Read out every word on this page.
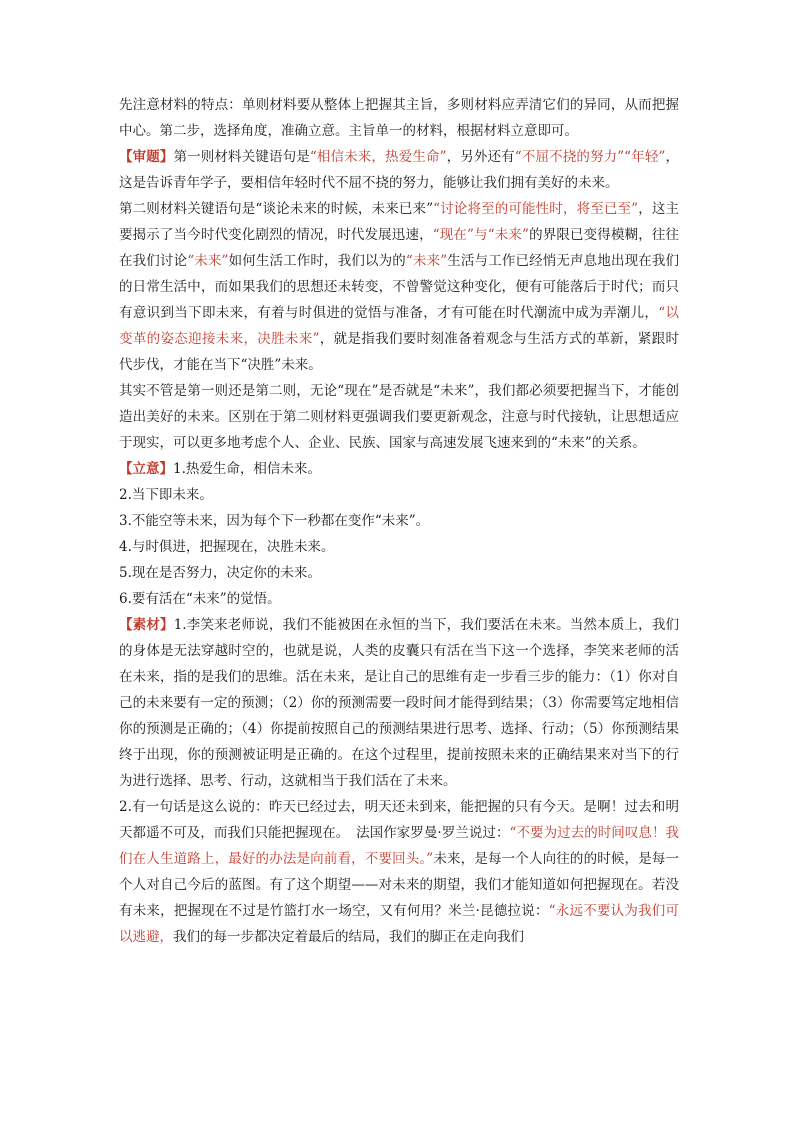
先注意材料的特点：单则材料要从整体上把握其主旨，多则材料应弄清它们的异同，从而把握中心。第二步，选择角度，准确立意。主旨单一的材料，根据材料立意即可。

【审题】第一则材料关键语句是“相信未来，热爱生命”，另外还有“不屈不挠的努力”“年轻”，这是告诉青年学子，要相信年轻时代不屈不挠的努力，能够让我们拥有美好的未来。

第二则材料关键语句是“谈论未来的时候，未来已来”“讨论将至的可能性时，将至已至”，这主要揭示了当今时代变化剧烈的情况，时代发展迅速，“现在”与“未来”的界限已变得模糊，往往在我们讨论“未来”如何生活工作时，我们以为的“未来”生活与工作已经悄无声息地出现在我们的日常生活中，而如果我们的思想还未转变，不曾警觉这种变化，便有可能落后于时代；而只有意识到当下即未来，有着与时俱进的觉悟与准备，才有可能在时代潮流中成为弄潮儿，“以变革的姿态迎接未来，决胜未来”，就是指我们要时刻准备着观念与生活方式的革新，紧跟时代步伐，才能在当下“决胜”未来。

其实不管是第一则还是第二则，无论“现在”是否就是“未来”，我们都必须要把握当下，才能创造出美好的未来。区别在于第二则材料更强调我们要更新观念，注意与时代接轨，让思想适应于现实，可以更多地考虑个人、企业、民族、国家与高速发展飞速来到的“未来”的关系。

【立意】1.热爱生命，相信未来。

2.当下即未来。

3.不能空等未来，因为每个下一秒都在变作“未来”。

4.与时俱进，把握现在，决胜未来。

5.现在是否努力，决定你的未来。

6.要有活在“未来”的觉悟。

【素材】1.李笑来老师说，我们不能被困在永恒的当下，我们要活在未来。当然本质上，我们的身体是无法穿越时空的，也就是说，人类的皮囊只有活在当下这一个选择，李笑来老师的活在未来，指的是我们的思维。活在未来，是让自己的思维有走一步看三步的能力：（1）你对自己的未来要有一定的预测；（2）你的预测需要一段时间才能得到结果；（3）你需要笃定地相信你的预测是正确的；（4）你提前按照自己的预测结果进行思考、选择、行动；（5）你预测结果终于出现，你的预测被证明是正确的。在这个过程里，提前按照未来的正确结果来对当下的行为进行选择、思考、行动，这就相当于我们活在了未来。

2.有一句话是这么说的：昨天已经过去，明天还未到来，能把握的只有今天。是啊！过去和明天都遥不可及，而我们只能把握现在。　法国作家罗曼·罗兰说过：“不要为过去的时间叹息！我们在人生道路上，最好的办法是向前看，不要回头。”未来，是每一个人向往的的时候，是每一个人对自己今后的蓝图。有了这个期望——对未来的期望，我们才能知道如何把握现在。若没有未来，把握现在不过是竹篮打水一场空，又有何用？米兰·昆德拉说：“永远不要认为我们可以逃避，我们的每一步都决定着最后的结局，我们的脚正在走向我们
